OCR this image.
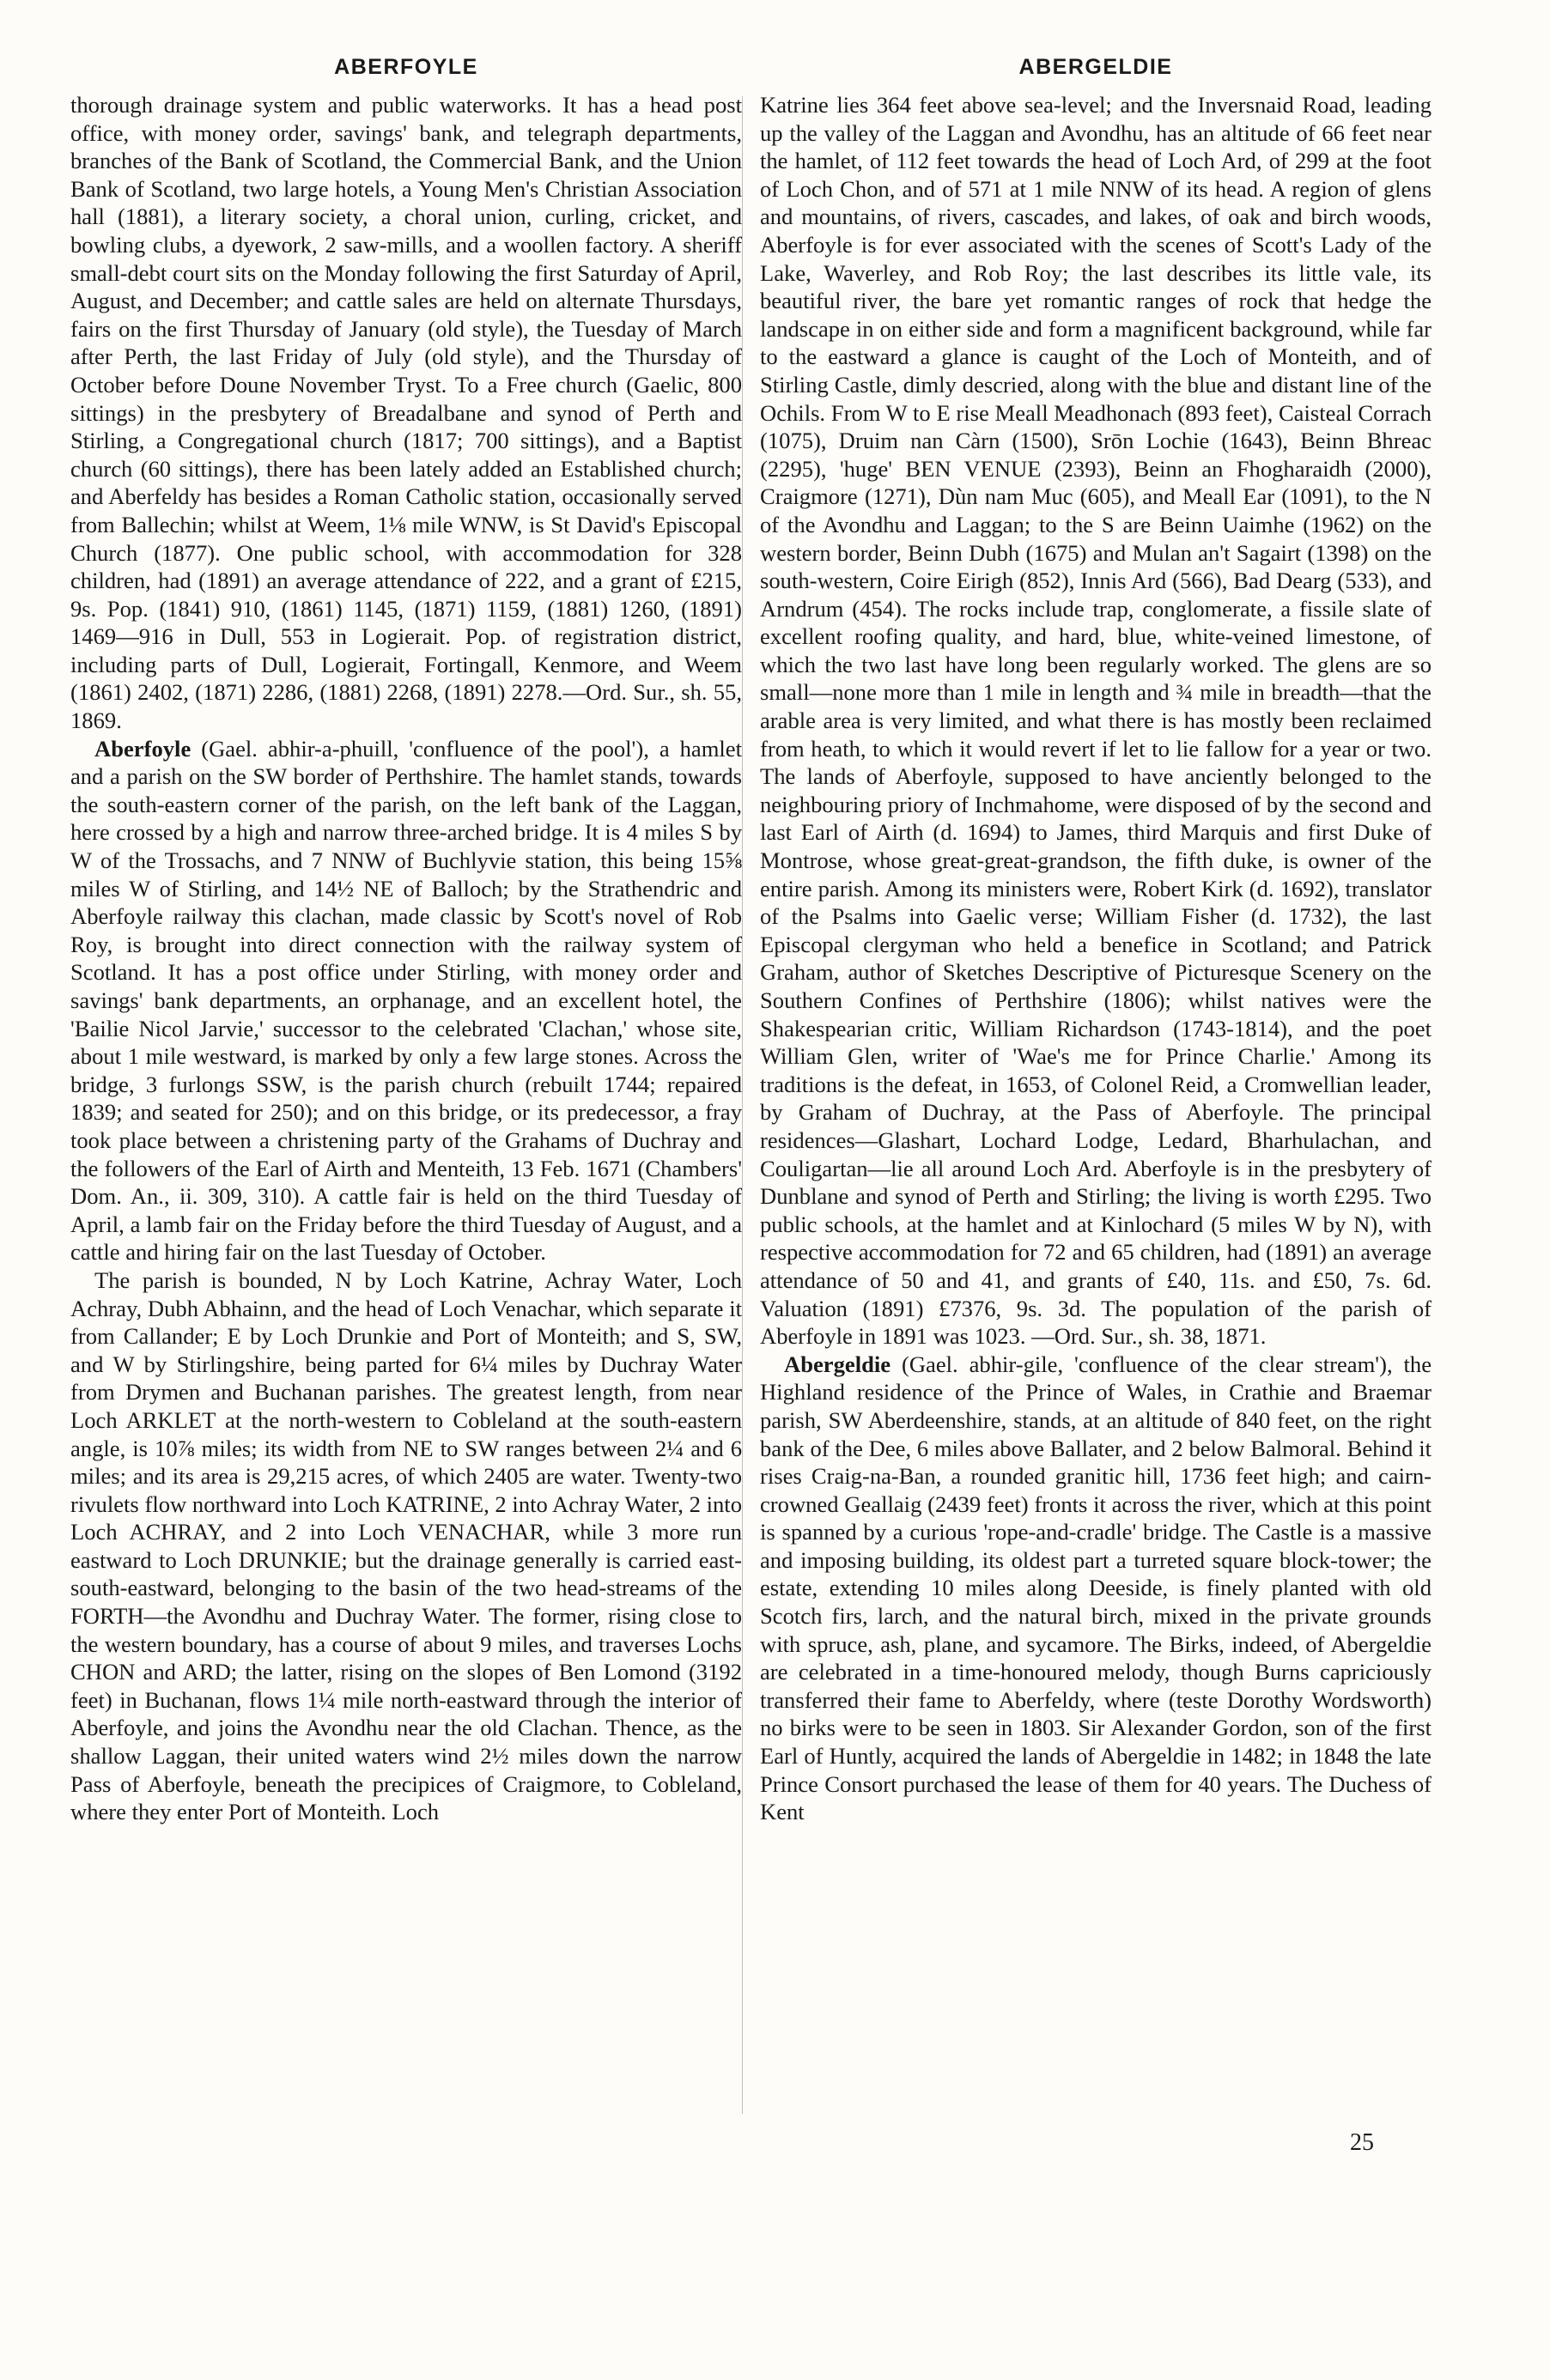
ABERFOYLE

thorough drainage system and public waterworks. It has a head post office, with money order, savings' bank, and telegraph departments, branches of the Bank of Scotland, the Commercial Bank, and the Union Bank of Scotland, two large hotels, a Young Men's Christian Association hall (1881), a literary society, a choral union, curling, cricket, and bowling clubs, a dyework, 2 saw-mills, and a woollen factory. A sheriff small-debt court sits on the Monday following the first Saturday of April, August, and December; and cattle sales are held on alternate Thursdays, fairs on the first Thursday of January (old style), the Tuesday of March after Perth, the last Friday of July (old style), and the Thursday of October before Doune November Tryst. To a Free church (Gaelic, 800 sittings) in the presbytery of Breadalbane and synod of Perth and Stirling, a Congregational church (1817; 700 sittings), and a Baptist church (60 sittings), there has been lately added an Established church; and Aberfeldy has besides a Roman Catholic station, occasionally served from Ballechin; whilst at Weem, 1⅛ mile WNW, is St David's Episcopal Church (1877). One public school, with accommodation for 328 children, had (1891) an average attendance of 222, and a grant of £215, 9s. Pop. (1841) 910, (1861) 1145, (1871) 1159, (1881) 1260, (1891) 1469—916 in Dull, 553 in Logierait. Pop. of registration district, including parts of Dull, Logierait, Fortingall, Kenmore, and Weem (1861) 2402, (1871) 2286, (1881) 2268, (1891) 2278.—Ord. Sur., sh. 55, 1869.

Aberfoyle (Gael. abhir-a-phuill, 'confluence of the pool'), a hamlet and a parish on the SW border of Perthshire. The hamlet stands, towards the south-eastern corner of the parish, on the left bank of the Laggan, here crossed by a high and narrow three-arched bridge. It is 4 miles S by W of the Trossachs, and 7 NNW of Buchlyvie station, this being 15⅝ miles W of Stirling, and 14½ NE of Balloch; by the Strathendric and Aberfoyle railway this clachan, made classic by Scott's novel of Rob Roy, is brought into direct connection with the railway system of Scotland. It has a post office under Stirling, with money order and savings' bank departments, an orphanage, and an excellent hotel, the 'Bailie Nicol Jarvie,' successor to the celebrated 'Clachan,' whose site, about 1 mile westward, is marked by only a few large stones. Across the bridge, 3 furlongs SSW, is the parish church (rebuilt 1744; repaired 1839; and seated for 250); and on this bridge, or its predecessor, a fray took place between a christening party of the Grahams of Duchray and the followers of the Earl of Airth and Menteith, 13 Feb. 1671 (Chambers' Dom. An., ii. 309, 310). A cattle fair is held on the third Tuesday of April, a lamb fair on the Friday before the third Tuesday of August, and a cattle and hiring fair on the last Tuesday of October.

The parish is bounded, N by Loch Katrine, Achray Water, Loch Achray, Dubh Abhainn, and the head of Loch Venachar, which separate it from Callander; E by Loch Drunkie and Port of Monteith; and S, SW, and W by Stirlingshire, being parted for 6¼ miles by Duchray Water from Drymen and Buchanan parishes. The greatest length, from near Loch ARKLET at the north-western to Cobleland at the south-eastern angle, is 10⅞ miles; its width from NE to SW ranges between 2¼ and 6 miles; and its area is 29,215 acres, of which 2405 are water. Twenty-two rivulets flow northward into Loch KATRINE, 2 into Achray Water, 2 into Loch ACHRAY, and 2 into Loch VENACHAR, while 3 more run eastward to Loch DRUNKIE; but the drainage generally is carried east-south-eastward, belonging to the basin of the two head-streams of the FORTH—the Avondhu and Duchray Water. The former, rising close to the western boundary, has a course of about 9 miles, and traverses Lochs CHON and ARD; the latter, rising on the slopes of Ben Lomond (3192 feet) in Buchanan, flows 1¼ mile north-eastward through the interior of Aberfoyle, and joins the Avondhu near the old Clachan. Thence, as the shallow Laggan, their united waters wind 2½ miles down the narrow Pass of Aberfoyle, beneath the precipices of Craigmore, to Cobleland, where they enter Port of Monteith. Loch

ABERGELDIE

Katrine lies 364 feet above sea-level; and the Inversnaid Road, leading up the valley of the Laggan and Avondhu, has an altitude of 66 feet near the hamlet, of 112 feet towards the head of Loch Ard, of 299 at the foot of Loch Chon, and of 571 at 1 mile NNW of its head. A region of glens and mountains, of rivers, cascades, and lakes, of oak and birch woods, Aberfoyle is for ever associated with the scenes of Scott's Lady of the Lake, Waverley, and Rob Roy; the last describes its little vale, its beautiful river, the bare yet romantic ranges of rock that hedge the landscape in on either side and form a magnificent background, while far to the eastward a glance is caught of the Loch of Monteith, and of Stirling Castle, dimly descried, along with the blue and distant line of the Ochils. From W to E rise Meall Meadhonach (893 feet), Caisteal Corrach (1075), Druim nan Càrn (1500), Srōn Lochie (1643), Beinn Bhreac (2295), 'huge' BEN VENUE (2393), Beinn an Fhogharaidh (2000), Craigmore (1271), Dùn nam Muc (605), and Meall Ear (1091), to the N of the Avondhu and Laggan; to the S are Beinn Uaimhe (1962) on the western border, Beinn Dubh (1675) and Mulan an't Sagairt (1398) on the south-western, Coire Eirigh (852), Innis Ard (566), Bad Dearg (533), and Arndrum (454). The rocks include trap, conglomerate, a fissile slate of excellent roofing quality, and hard, blue, white-veined limestone, of which the two last have long been regularly worked. The glens are so small—none more than 1 mile in length and ¾ mile in breadth—that the arable area is very limited, and what there is has mostly been reclaimed from heath, to which it would revert if let to lie fallow for a year or two. The lands of Aberfoyle, supposed to have anciently belonged to the neighbouring priory of Inchmahome, were disposed of by the second and last Earl of Airth (d. 1694) to James, third Marquis and first Duke of Montrose, whose great-great-grandson, the fifth duke, is owner of the entire parish. Among its ministers were, Robert Kirk (d. 1692), translator of the Psalms into Gaelic verse; William Fisher (d. 1732), the last Episcopal clergyman who held a benefice in Scotland; and Patrick Graham, author of Sketches Descriptive of Picturesque Scenery on the Southern Confines of Perthshire (1806); whilst natives were the Shakespearian critic, William Richardson (1743-1814), and the poet William Glen, writer of 'Wae's me for Prince Charlie.' Among its traditions is the defeat, in 1653, of Colonel Reid, a Cromwellian leader, by Graham of Duchray, at the Pass of Aberfoyle. The principal residences—Glashart, Lochard Lodge, Ledard, Bharhulachan, and Couligartan—lie all around Loch Ard. Aberfoyle is in the presbytery of Dunblane and synod of Perth and Stirling; the living is worth £295. Two public schools, at the hamlet and at Kinlochard (5 miles W by N), with respective accommodation for 72 and 65 children, had (1891) an average attendance of 50 and 41, and grants of £40, 11s. and £50, 7s. 6d. Valuation (1891) £7376, 9s. 3d. The population of the parish of Aberfoyle in 1891 was 1023. —Ord. Sur., sh. 38, 1871.

Abergeldie (Gael. abhir-gile, 'confluence of the clear stream'), the Highland residence of the Prince of Wales, in Crathie and Braemar parish, SW Aberdeenshire, stands, at an altitude of 840 feet, on the right bank of the Dee, 6 miles above Ballater, and 2 below Balmoral. Behind it rises Craig-na-Ban, a rounded granitic hill, 1736 feet high; and cairn-crowned Geallaig (2439 feet) fronts it across the river, which at this point is spanned by a curious 'rope-and-cradle' bridge. The Castle is a massive and imposing building, its oldest part a turreted square block-tower; the estate, extending 10 miles along Deeside, is finely planted with old Scotch firs, larch, and the natural birch, mixed in the private grounds with spruce, ash, plane, and sycamore. The Birks, indeed, of Abergeldie are celebrated in a time-honoured melody, though Burns capriciously transferred their fame to Aberfeldy, where (teste Dorothy Wordsworth) no birks were to be seen in 1803. Sir Alexander Gordon, son of the first Earl of Huntly, acquired the lands of Abergeldie in 1482; in 1848 the late Prince Consort purchased the lease of them for 40 years. The Duchess of Kent

25
